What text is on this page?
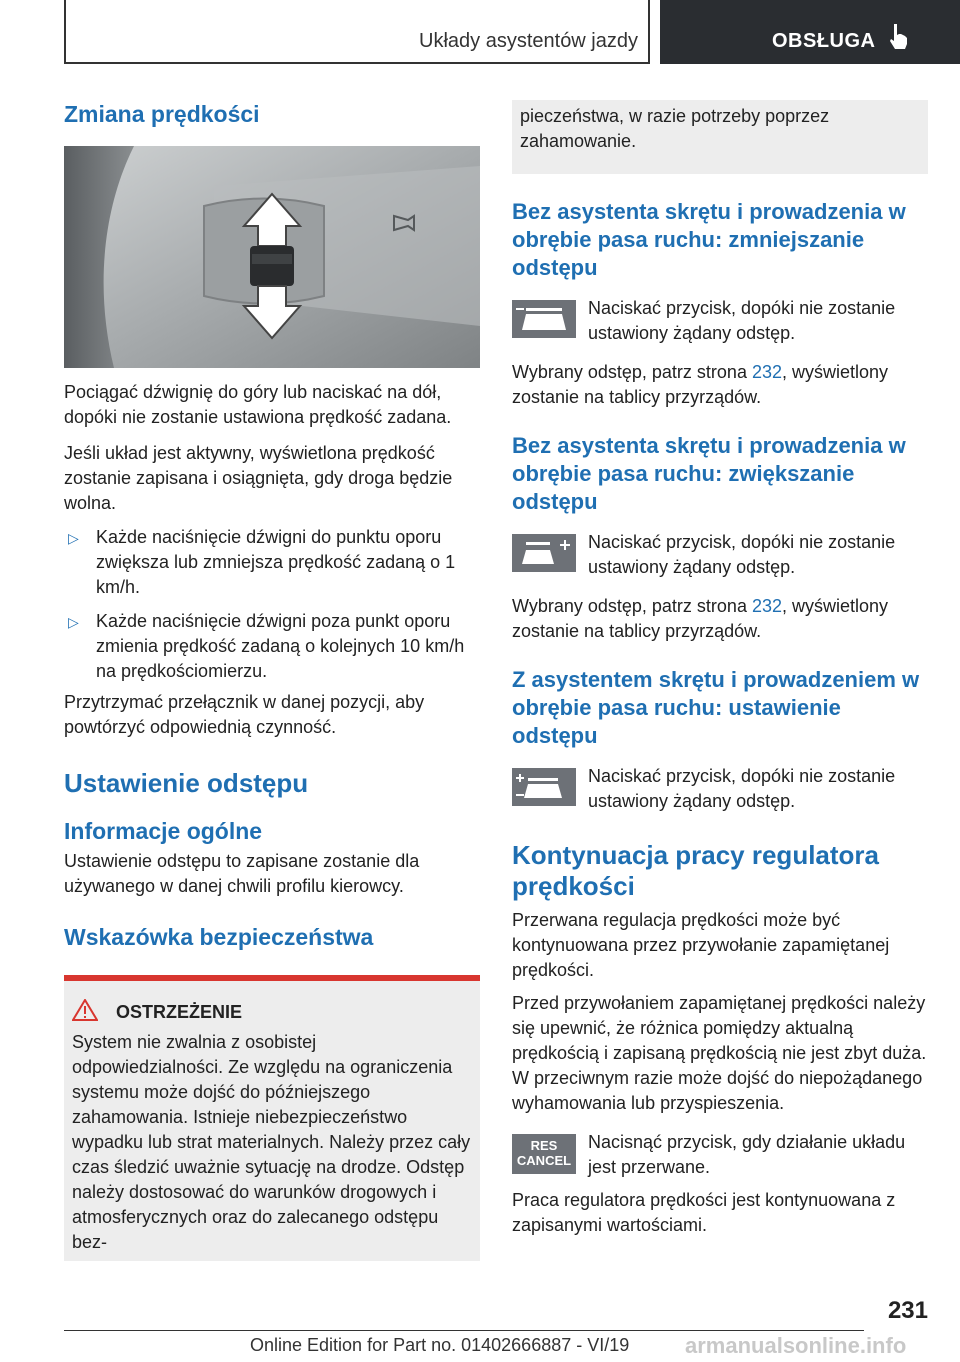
Układy asystentów jazdy	OBSŁUGA
Zmiana prędkości

Pociągać dźwignię do góry lub naciskać na dół, dopóki nie zostanie ustawiona prędkość zadana.

Jeśli układ jest aktywny, wyświetlona prędkość zostanie zapisana i osiągnięta, gdy droga będzie wolna.

▷ Każde naciśnięcie dźwigni do punktu oporu zwiększa lub zmniejsza prędkość zadaną o 1 km/h.
▷ Każde naciśnięcie dźwigni poza punkt oporu zmienia prędkość zadaną o kolejnych 10 km/h na prędkościomierzu.

Przytrzymać przełącznik w danej pozycji, aby powtórzyć odpowiednią czynność.

Ustawienie odstępu
Informacje ogólne

Ustawienie odstępu to zapisane zostanie dla używanego w danej chwili profilu kierowcy.

Wskazówka bezpieczeństwa
OSTRZEŻENIE

System nie zwalnia z osobistej odpowiedzialności. Ze względu na ograniczenia systemu może dojść do późniejszego zahamowania. Istnieje niebezpieczeństwo wypadku lub strat materialnych. Należy przez cały czas śledzić uważnie sytuację na drodze. Odstęp należy dostosować do warunków drogowych i atmosferycznych oraz do zalecanego odstępu bez-

pieczeństwa, w razie potrzeby poprzez zahamowanie.

Bez asystenta skrętu i prowadzenia w obrębie pasa ruchu: zmniejszanie odstępu

Naciskać przycisk, dopóki nie zostanie ustawiony żądany odstęp.

Wybrany odstęp, patrz strona 232, wyświetlony zostanie na tablicy przyrządów.

Bez asystenta skrętu i prowadzenia w obrębie pasa ruchu: zwiększanie odstępu

Naciskać przycisk, dopóki nie zostanie ustawiony żądany odstęp.

Wybrany odstęp, patrz strona 232, wyświetlony zostanie na tablicy przyrządów.

Z asystentem skrętu i prowadzeniem w obrębie pasa ruchu: ustawienie odstępu

Naciskać przycisk, dopóki nie zostanie ustawiony żądany odstęp.

Kontynuacja pracy regulatora prędkości

Przerwana regulacja prędkości może być kontynuowana przez przywołanie zapamiętanej prędkości.

Przed przywołaniem zapamiętanej prędkości należy się upewnić, że różnica pomiędzy aktualną prędkością i zapisaną prędkością nie jest zbyt duża. W przeciwnym razie może dojść do niepożądanego wyhamowania lub przyspieszenia.

RES
CANCEL

Nacisnąć przycisk, gdy działanie układu jest przerwane.

Praca regulatora prędkości jest kontynuowana z zapisanymi wartościami.

231
Online Edition for Part no. 01402666887 - VI/19	armanualsonline.info
